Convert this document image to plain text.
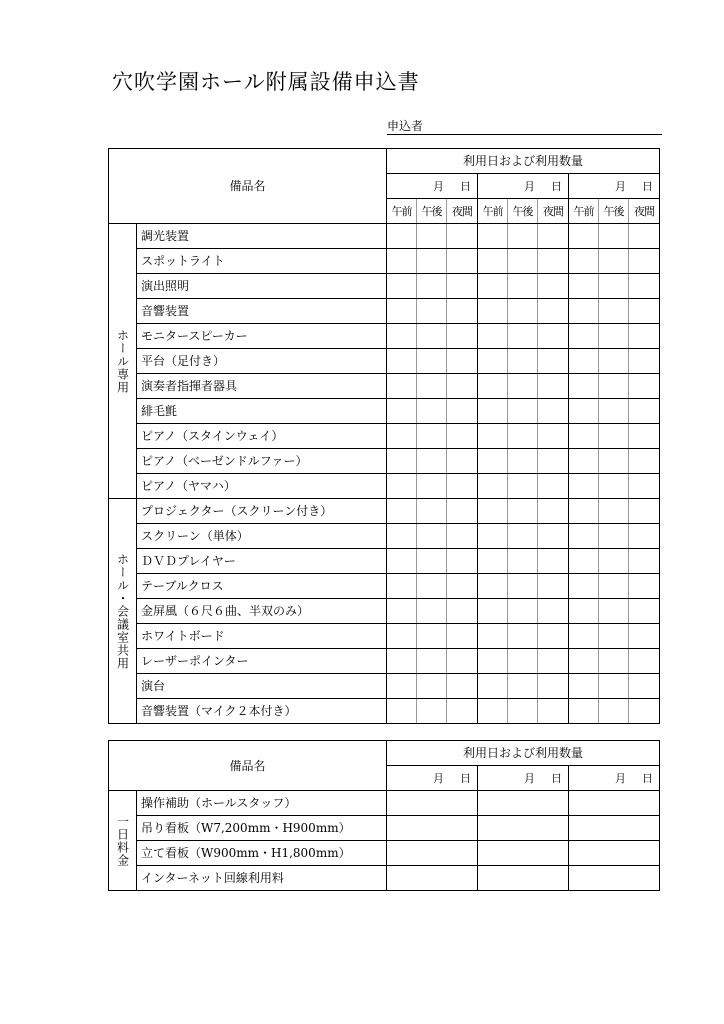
穴吹学園ホール附属設備申込書
申込者
備品名		利用日および利用数量								
		月 日			月 日			月 日		
		午前	午後	夜間	午前	午後	夜間	午前	午後	夜間

ホール専用	調光装置									
	スポットライト									
	演出照明									
	音響装置									
	モニタースピーカー									
	平台（足付き）									
	演奏者指揮者器具									
	緋毛氈									
	ピアノ（スタインウェイ）									
	ピアノ（ベーゼンドルファー）									
	ピアノ（ヤマハ）									

ホール・会議室共用	プロジェクター（スクリーン付き）									
	スクリーン（単体）									
	ＤＶＤプレイヤー									
	テーブルクロス									
	金屏風（６尺６曲、半双のみ）									
	ホワイトボード									
	レーザーポインター									
	演台									
	音響装置（マイク２本付き）									
備品名		利用日および利用数量		
		月 日	月 日	月 日

一日料金	操作補助（ホールスタッフ）			
	吊り看板（W7,200mm・H900mm）			
	立て看板（W900mm・H1,800mm）			
	インターネット回線利用料			
